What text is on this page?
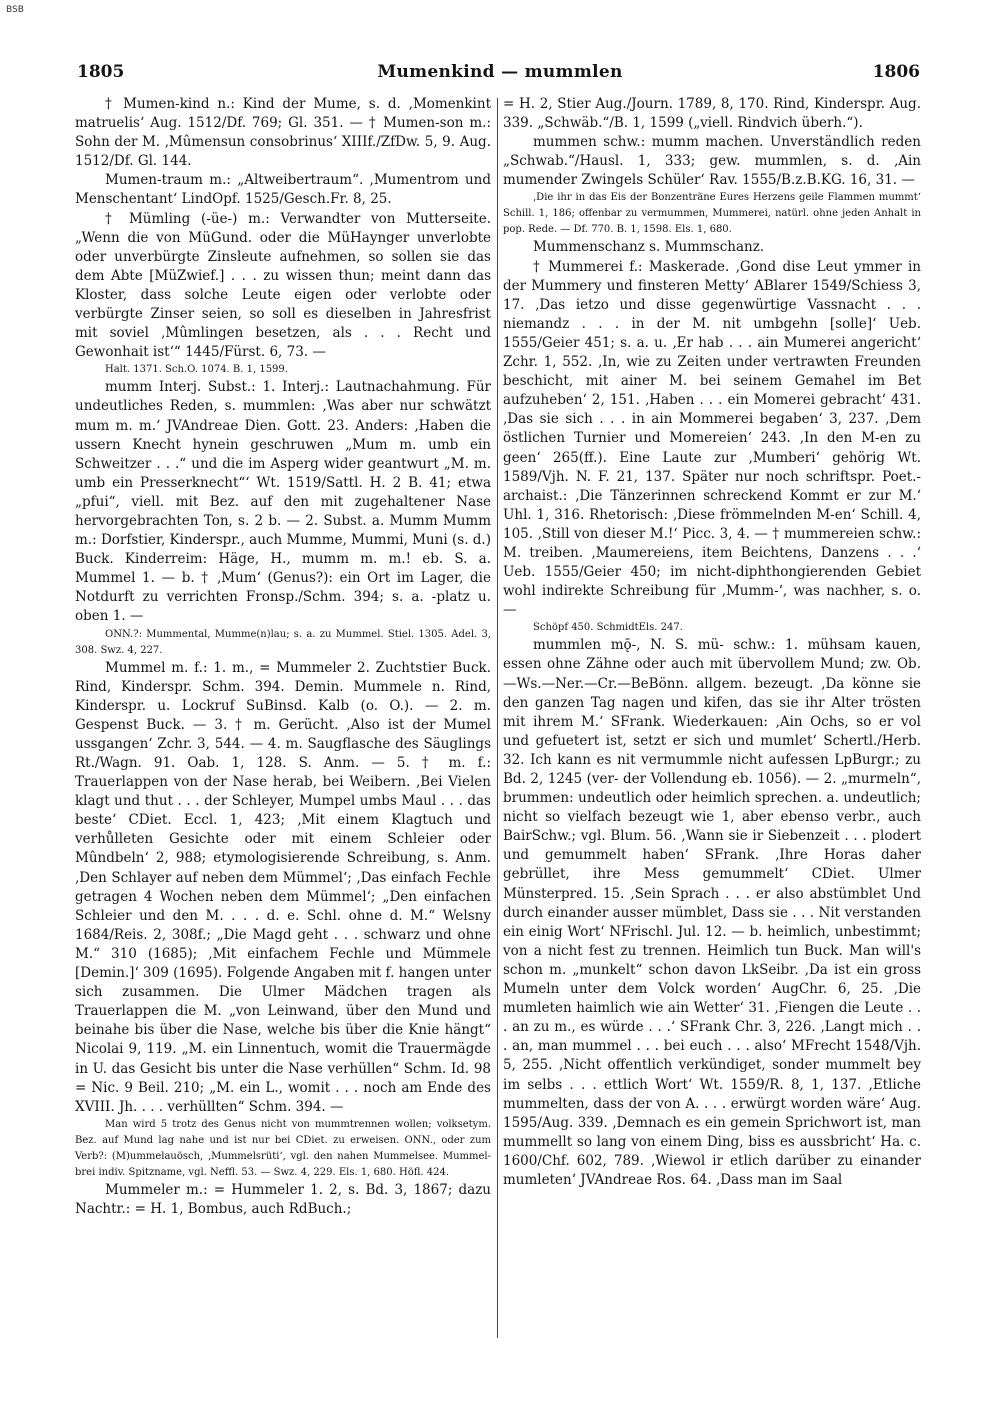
BSB
1805	Mumenkind — mummlen	1806

† Mumen-kind n.: Kind der Mume, s. d. ‚Momenkint matruelis‘ Aug. 1512/Df. 769; Gl. 351. — † Mumen-son m.: Sohn der M. ‚Mûmensun consobrinus‘ XIIIf./ZfDw. 5, 9. Aug. 1512/Df. Gl. 144.

Mumen-traum m.: „Altweibertraum“. ‚Mumentrom und Menschentant‘ LindOpf. 1525/Gesch.Fr. 8, 25.

† Mümling (-üe-) m.: Verwandter von Mutterseite. „Wenn die von MüGund. oder die MüHaynger unverlobte oder unverbürgte Zinsleute aufnehmen, so sollen sie das dem Abte [MüZwief.] . . . zu wissen thun; meint dann das Kloster, dass solche Leute eigen oder verlobte oder verbürgte Zinser seien, so soll es dieselben in Jahresfrist mit soviel ‚Mûmlingen besetzen, als . . . Recht und Gewonhait ist‘“ 1445/Fürst. 6, 73. —
Halt. 1371. Sch.O. 1074. B. 1, 1599.

mumm Interj. Subst.: 1. Interj.: Lautnachahmung. Für undeutliches Reden, s. mummlen: ‚Was aber nur schwätzt mum m. m.‘ JVAndreae Dien. Gott. 23. Anders: ‚Haben die ussern Knecht hynein geschruwen „Mum m. umb ein Schweitzer . . .“ und die im Asperg wider geantwurt „M. m. umb ein Presserknecht“‘ Wt. 1519/Sattl. H. 2 B. 41; etwa „pfui“, viell. mit Bez. auf den mit zugehaltener Nase hervorgebrachten Ton, s. 2 b. — 2. Subst. a. Mumm Mumm m.: Dorfstier, Kinderspr., auch Mumme, Mummi, Muni (s. d.) Buck. Kinderreim: Häge, H., mumm m. m.! eb. S. a. Mummel 1. — b. † ‚Mum‘ (Genus?): ein Ort im Lager, die Notdurft zu verrichten Fronsp./Schm. 394; s. a. -platz u. oben 1. —
ONN.?: Mummental, Mumme(n)lau; s. a. zu Mummel. Stiel. 1305. Adel. 3, 308. Swz. 4, 227.

Mummel m. f.: 1. m., = Mummeler 2. Zuchtstier Buck. Rind, Kinderspr. Schm. 394. Demin. Mummele n. Rind, Kinderspr. u. Lockruf SuBinsd. Kalb (o. O.). — 2. m. Gespenst Buck. — 3. † m. Gerücht. ‚Also ist der Mumel ussgangen‘ Zchr. 3, 544. — 4. m. Saugflasche des Säuglings Rt./Wagn. 91. Oab. 1, 128. S. Anm. — 5. † m. f.: Trauerlappen von der Nase herab, bei Weibern. ‚Bei Vielen klagt und thut . . . der Schleyer, Mumpel umbs Maul . . . das beste‘ CDiet. Eccl. 1, 423; ‚Mit einem Klagtuch und verhůlleten Gesichte oder mit einem Schleier oder Mûndbeln‘ 2, 988; etymologisierende Schreibung, s. Anm. ‚Den Schlayer auf neben dem Mümmel‘; ‚Das einfach Fechle getragen 4 Wochen neben dem Mümmel‘; „Den einfachen Schleier und den M. . . . d. e. Schl. ohne d. M.“ Welsny 1684/Reis. 2, 308f.; „Die Magd geht . . . schwarz und ohne M.“ 310 (1685); ‚Mit einfachem Fechle und Mümmele [Demin.]‘ 309 (1695). Folgende Angaben mit f. hangen unter sich zusammen. Die Ulmer Mädchen tragen als Trauerlappen die M. „von Leinwand, über den Mund und beinahe bis über die Nase, welche bis über die Knie hängt“ Nicolai 9, 119. „M. ein Linnentuch, womit die Trauermägde in U. das Gesicht bis unter die Nase verhüllen“ Schm. Id. 98 = Nic. 9 Beil. 210; „M. ein L., womit . . . noch am Ende des XVIII. Jh. . . . verhüllten“ Schm. 394. —
Man wird 5 trotz des Genus nicht von mummtrennen wollen; volksetym. Bez. auf Mund lag nahe und ist nur bei CDiet. zu erweisen. ONN., oder zum Verb?: (M)ummelauösch, ‚Mummelsrüti‘, vgl. den nahen Mummelsee. Mummel-brei indiv. Spitzname, vgl. Neffl. 53. — Swz. 4, 229. Els. 1, 680. Höfl. 424.

Mummeler m.: = Hummeler 1. 2, s. Bd. 3, 1867; dazu Nachtr.: = H. 1, Bombus, auch RdBuch.;

= H. 2, Stier Aug./Journ. 1789, 8, 170. Rind, Kinderspr. Aug. 339. „Schwäb.“/B. 1, 1599 („viell. Rindvich überh.“).

mummen schw.: mumm machen. Unverständlich reden „Schwab.“/Hausl. 1, 333; gew. mummlen, s. d. ‚Ain mumender Zwingels Schüler‘ Rav. 1555/B.z.B.KG. 16, 31. —
‚Die ihr in das Eis der Bonzenträne Eures Herzens geile Flammen mummt‘ Schill. 1, 186; offenbar zu vermummen, Mummerei, natürl. ohne jeden Anhalt in pop. Rede. — Df. 770. B. 1, 1598. Els. 1, 680.

Mummenschanz s. Mummschanz.

† Mummerei f.: Maskerade. ‚Gond dise Leut ymmer in der Mummery und finsteren Metty‘ ABlarer 1549/Schiess 3, 17. ‚Das ietzo und disse gegenwürtige Vassnacht . . . niemandz . . . in der M. nit umbgehn [solle]‘ Ueb. 1555/Geier 451; s. a. u. ‚Er hab . . . ain Mumerei angericht‘ Zchr. 1, 552. ‚In, wie zu Zeiten under vertrawten Freunden beschicht, mit ainer M. bei seinem Gemahel im Bet aufzuheben‘ 2, 151. ‚Haben . . . ein Momerei gebracht‘ 431. ‚Das sie sich . . . in ain Mommerei begaben‘ 3, 237. ‚Dem östlichen Turnier und Momereien‘ 243. ‚In den M-en zu geen‘ 265(ff.). Eine Laute zur ‚Mumberi‘ gehörig Wt. 1589/Vjh. N. F. 21, 137. Später nur noch schriftspr. Poet.-archaist.: ‚Die Tänzerinnen schreckend Kommt er zur M.‘ Uhl. 1, 316. Rhetorisch: ‚Diese frömmelnden M-en‘ Schill. 4, 105. ‚Still von dieser M.!‘ Picc. 3, 4. — † mummereien schw.: M. treiben. ‚Maumereiens, item Beichtens, Danzens . . .‘ Ueb. 1555/Geier 450; im nicht-diphthongierenden Gebiet wohl indirekte Schreibung für ‚Mumm-‘, was nachher, s. o. —
Schöpf 450. SchmidtEls. 247.

mummlen mǭ-, N. S. mü- schw.: 1. mühsam kauen, essen ohne Zähne oder auch mit übervollem Mund; zw. Ob.—Ws.—Ner.—Cr.—BeBönn. allgem. bezeugt. ‚Da könne sie den ganzen Tag nagen und kifen, das sie ihr Alter trösten mit ihrem M.‘ SFrank. Wiederkauen: ‚Ain Ochs, so er vol und gefuetert ist, setzt er sich und mumlet‘ Schertl./Herb. 32. Ich kann es nit vermummle nicht aufessen LpBurgr.; zu Bd. 2, 1245 (ver- der Vollendung eb. 1056). — 2. „murmeln“, brummen: undeutlich oder heimlich sprechen. a. undeutlich; nicht so vielfach bezeugt wie 1, aber ebenso verbr., auch BairSchw.; vgl. Blum. 56. ‚Wann sie ir Siebenzeit . . . plodert und gemummelt haben‘ SFrank. ‚Ihre Horas daher gebrüllet, ihre Mess gemummelt‘ CDiet. Ulmer Münsterpred. 15. ‚Sein Sprach . . . er also abstümblet Und durch einander ausser mümblet, Dass sie . . . Nit verstanden ein einig Wort‘ NFrischl. Jul. 12. — b. heimlich, unbestimmt; von a nicht fest zu trennen. Heimlich tun Buck. Man will's schon m. „munkelt“ schon davon LkSeibr. ‚Da ist ein gross Mumeln unter dem Volck worden‘ AugChr. 6, 25. ‚Die mumleten haimlich wie ain Wetter‘ 31. ‚Fiengen die Leute . . . an zu m., es würde . . .‘ SFrank Chr. 3, 226. ‚Langt mich . . . an, man mummel . . . bei euch . . . also‘ MFrecht 1548/Vjh. 5, 255. ‚Nicht offentlich verkündiget, sonder mummelt bey im selbs . . . ettlich Wort‘ Wt. 1559/R. 8, 1, 137. ‚Etliche mummelten, dass der von A. . . . erwürgt worden wäre‘ Aug. 1595/Aug. 339. ‚Demnach es ein gemein Sprichwort ist, man mummellt so lang von einem Ding, biss es aussbricht‘ Ha. c. 1600/Chf. 602, 789. ‚Wiewol ir etlich darüber zu einander mumleten‘ JVAndreae Ros. 64. ‚Dass man im Saal
